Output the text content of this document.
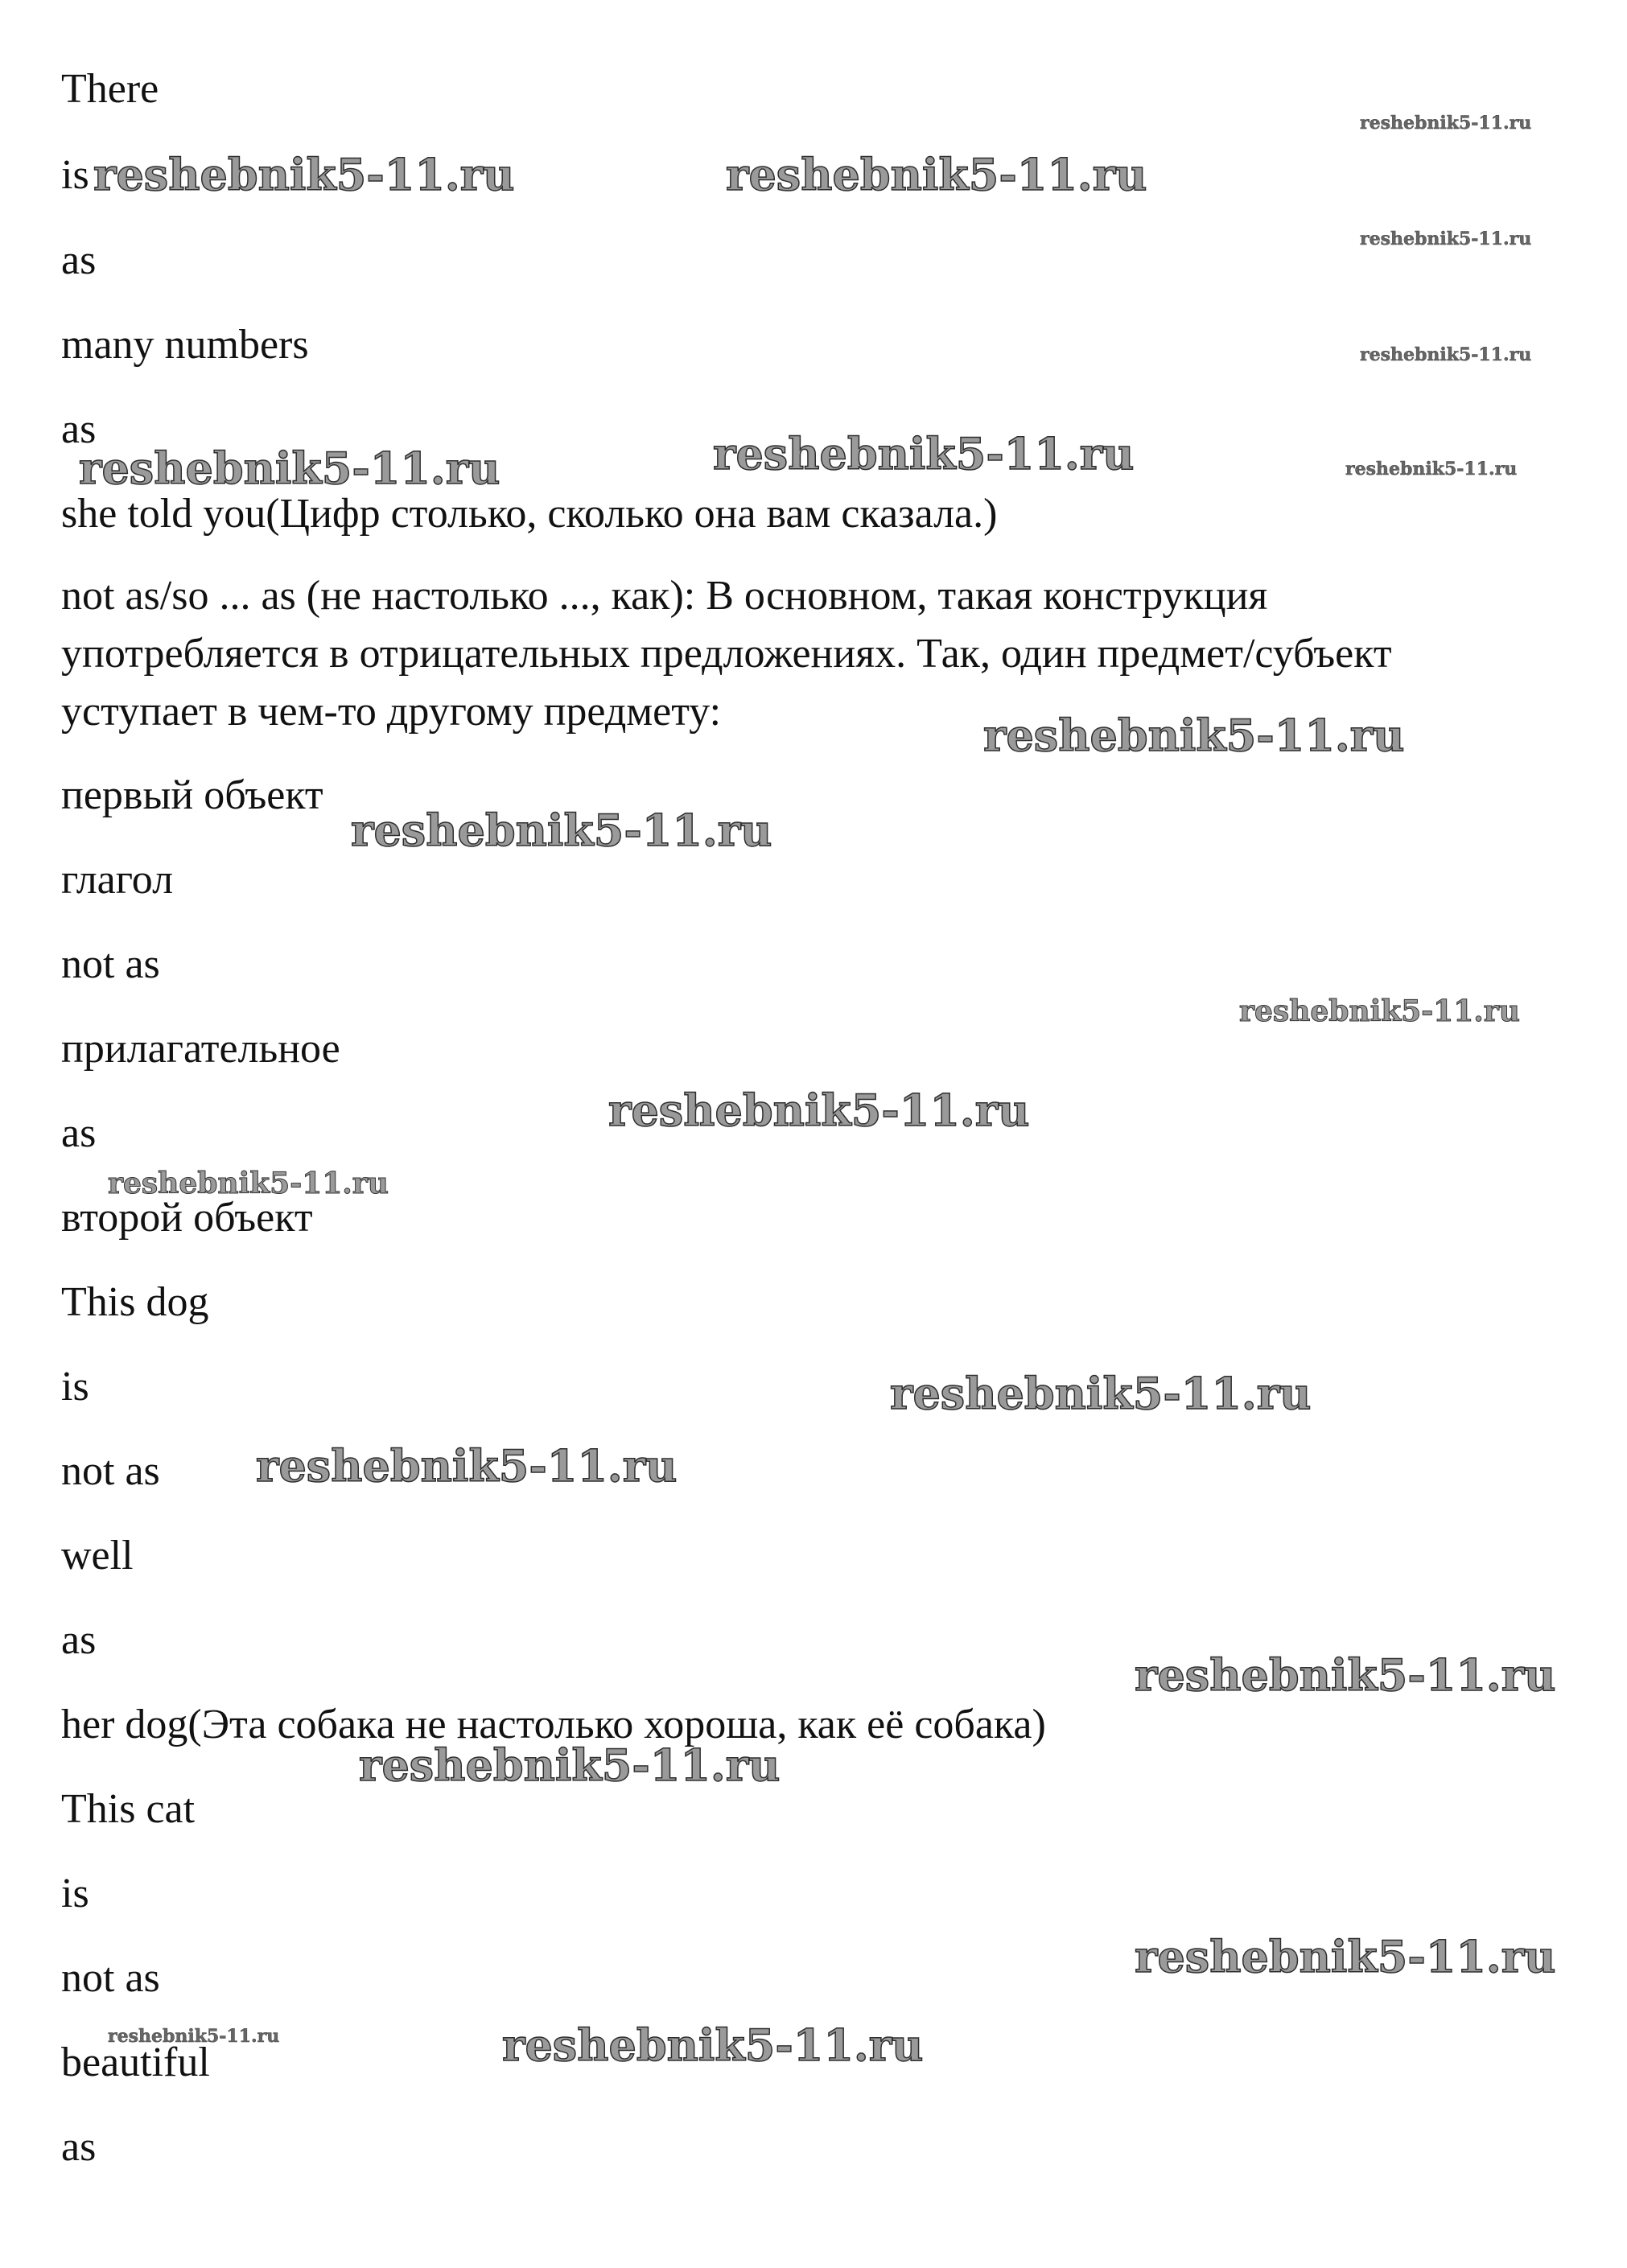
There
is
as
many numbers
as
she told you(Цифр столько, сколько она вам сказала.)
not as/so ... as (не настолько ..., как): В основном, такая конструкция
употребляется в отрицательных предложениях. Так, один предмет/субъект
уступает в чем-то другому предмету:
первый объект
глагол
not as
прилагательное
as
второй объект
This dog
is
not as
well
as
her dog(Эта собака не настолько хороша, как её собака)
This cat
is
not as
beautiful
as
reshebnik5-11.ru
reshebnik5-11.ru	reshebnik5-11.ru
reshebnik5-11.ru
reshebnik5-11.ru
reshebnik5-11.ru	reshebnik5-11.ru	reshebnik5-11.ru
reshebnik5-11.ru
reshebnik5-11.ru
reshebnik5-11.ru
reshebnik5-11.ru
reshebnik5-11.ru
reshebnik5-11.ru
reshebnik5-11.ru
reshebnik5-11.ru
reshebnik5-11.ru
reshebnik5-11.ru
reshebnik5-11.ru	reshebnik5-11.ru
